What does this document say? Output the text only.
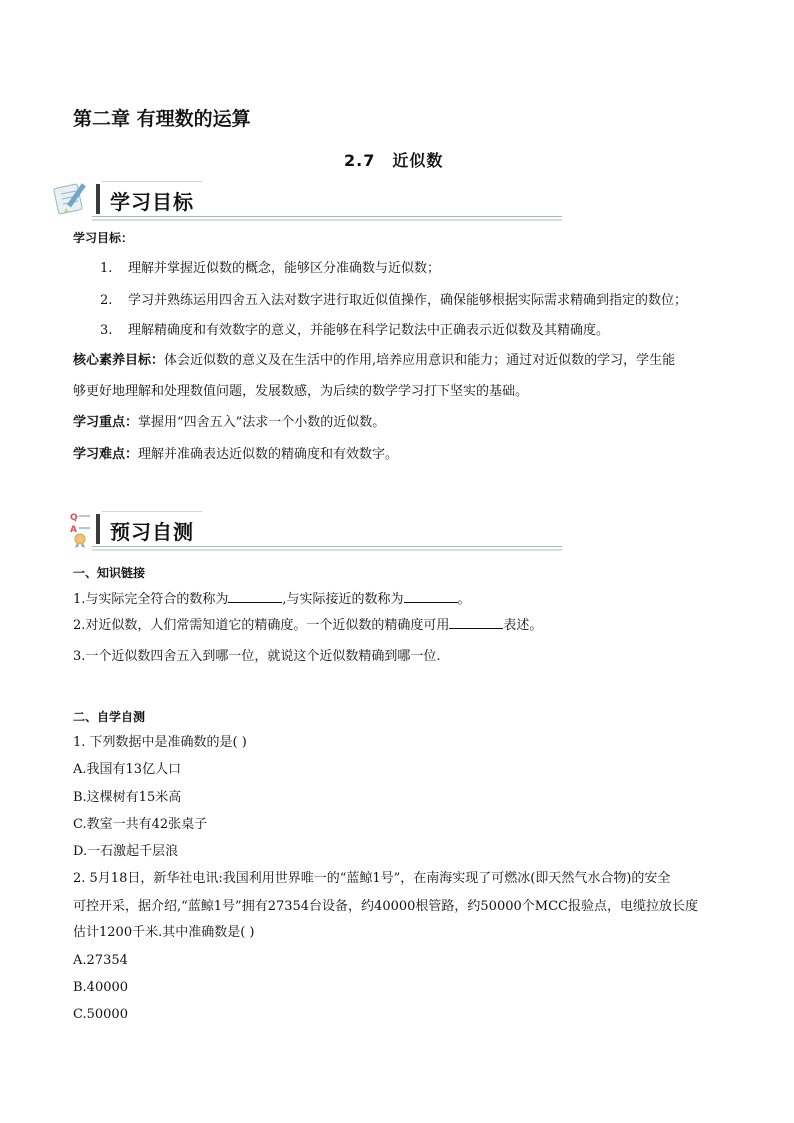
第二章 有理数的运算
2.7　近似数
学习目标
学习目标：
1. 理解并掌握近似数的概念，能够区分准确数与近似数；
2. 学习并熟练运用四舍五入法对数字进行取近似值操作，确保能够根据实际需求精确到指定的数位；
3. 理解精确度和有效数字的意义，并能够在科学记数法中正确表示近似数及其精确度。
核心素养目标：体会近似数的意义及在生活中的作用,培养应用意识和能力；通过对近似数的学习，学生能
够更好地理解和处理数值问题，发展数感，为后续的数学学习打下坚实的基础。
学习重点：掌握用“四舍五入”法求一个小数的近似数。
学习难点：理解并准确表达近似数的精确度和有效数字。
Q
A 预习自测
一、知识链接
1.与实际完全符合的数称为	,与实际接近的数称为	。
2.对近似数，人们常需知道它的精确度。一个近似数的精确度可用	表述。
3.一个近似数四舍五入到哪一位，就说这个近似数精确到哪一位.
二、自学自测
1. 下列数据中是准确数的是( )
A.我国有13亿人口
B.这棵树有15米高
C.教室一共有42张桌子
D.一石激起千层浪
2. 5月18日，新华社电讯:我国利用世界唯一的“蓝鲸1号”，在南海实现了可燃冰(即天然气水合物)的安全
可控开采，据介绍,“蓝鲸1号”拥有27354台设备，约40000根管路，约50000个MCC报验点，电缆拉放长度
估计1200千米.其中准确数是( )
A.27354
B.40000
C.50000
